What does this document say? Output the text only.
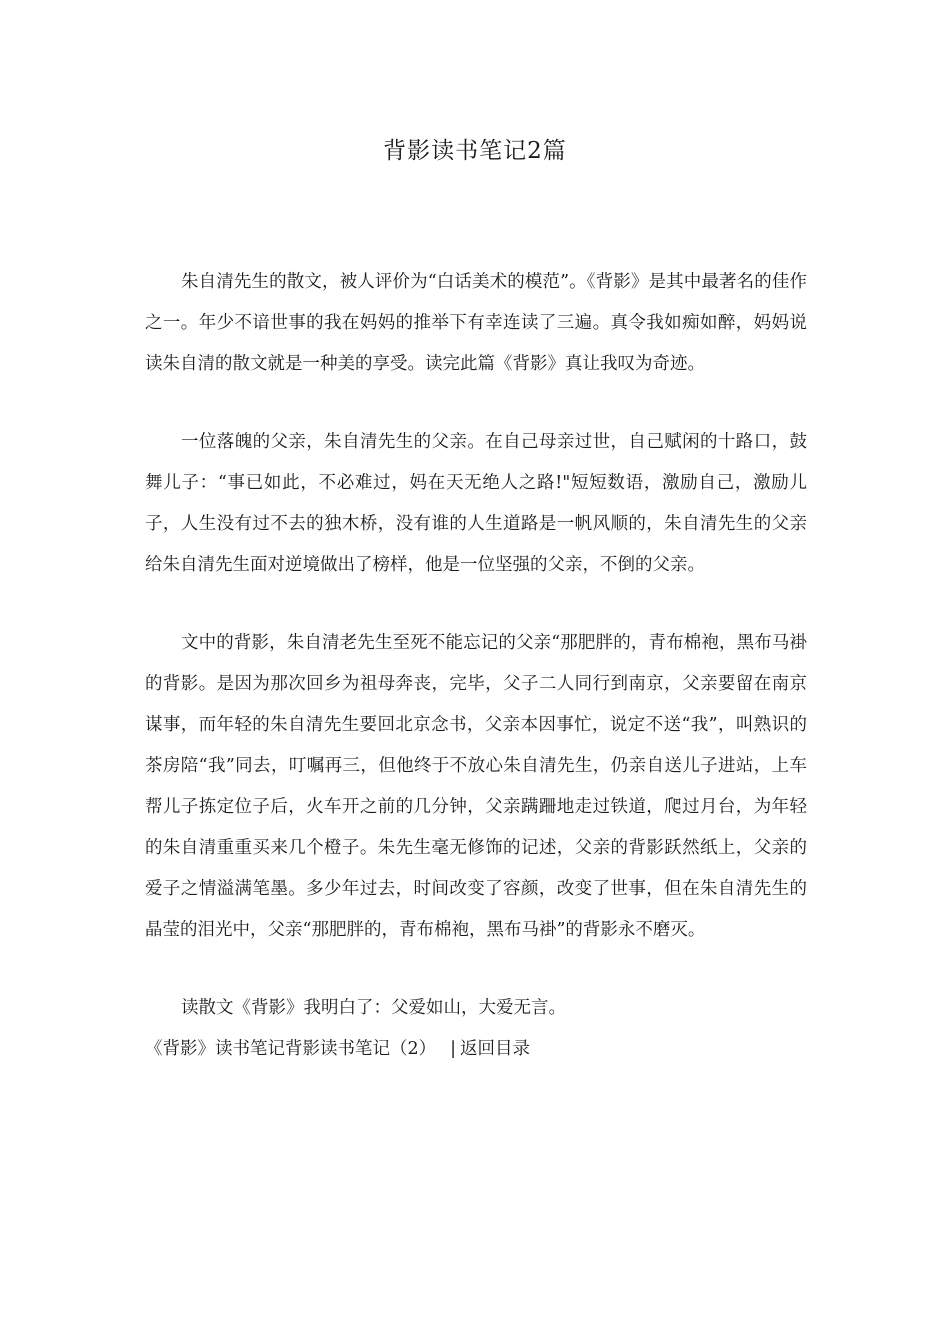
背影读书笔记2篇

朱自清先生的散文，被人评价为“白话美术的模范”。《背影》是其中最著名的佳作之一。年少不谙世事的我在妈妈的推举下有幸连读了三遍。真令我如痴如醉，妈妈说读朱自清的散文就是一种美的享受。读完此篇《背影》真让我叹为奇迹。

一位落魄的父亲，朱自清先生的父亲。在自己母亲过世，自己赋闲的十路口，鼓舞儿子：“事已如此，不必难过，妈在天无绝人之路!"短短数语，激励自己，激励儿子，人生没有过不去的独木桥，没有谁的人生道路是一帆风顺的，朱自清先生的父亲给朱自清先生面对逆境做出了榜样，他是一位坚强的父亲，不倒的父亲。

文中的背影，朱自清老先生至死不能忘记的父亲“那肥胖的，青布棉袍，黑布马褂的背影。是因为那次回乡为祖母奔丧，完毕，父子二人同行到南京，父亲要留在南京谋事，而年轻的朱自清先生要回北京念书，父亲本因事忙，说定不送“我”，叫熟识的茶房陪“我”同去，叮嘱再三，但他终于不放心朱自清先生，仍亲自送儿子进站，上车帮儿子拣定位子后，火车开之前的几分钟，父亲蹒跚地走过铁道，爬过月台，为年轻的朱自清重重买来几个橙子。朱先生毫无修饰的记述，父亲的背影跃然纸上，父亲的爱子之情溢满笔墨。多少年过去，时间改变了容颜，改变了世事，但在朱自清先生的晶莹的泪光中，父亲“那肥胖的，青布棉袍，黑布马褂”的背影永不磨灭。

读散文《背影》我明白了：父爱如山，大爱无言。

《背影》读书笔记背影读书笔记（2） | 返回目录
